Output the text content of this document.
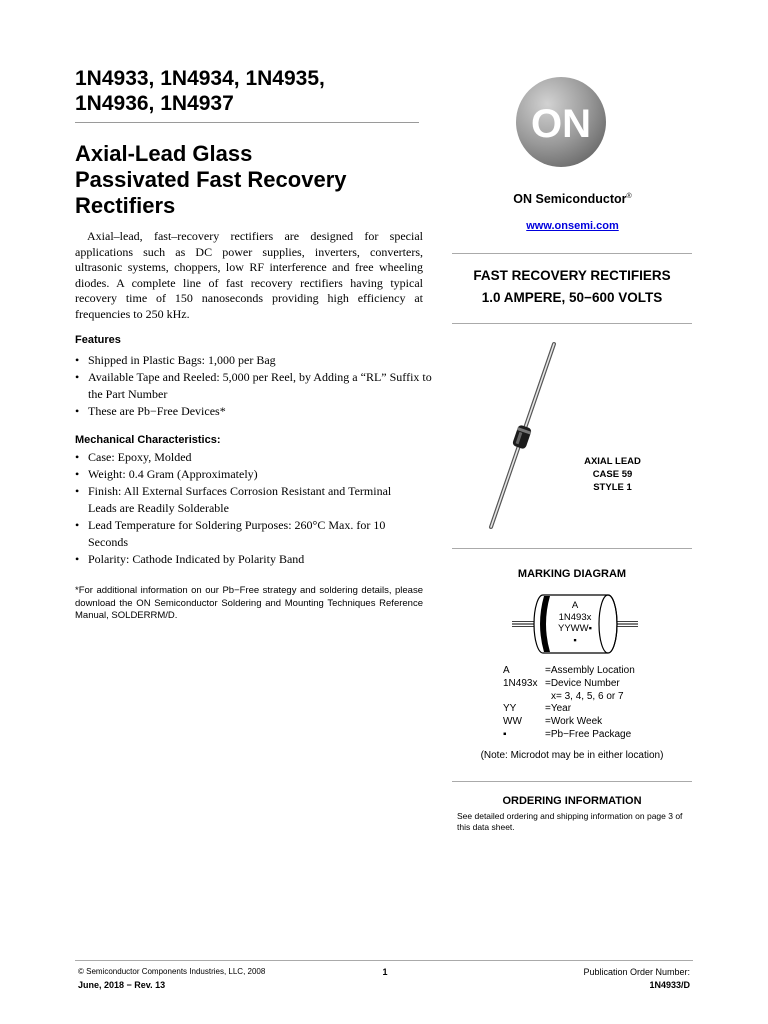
1N4933, 1N4934, 1N4935,
1N4936, 1N4937
Axial-Lead Glass
Passivated Fast Recovery
Rectifiers
Axial–lead, fast–recovery rectifiers are designed for special applications such as DC power supplies, inverters, converters, ultrasonic systems, choppers, low RF interference and free wheeling diodes. A complete line of fast recovery rectifiers having typical recovery time of 150 nanoseconds providing high efficiency at frequencies to 250 kHz.
Features
• Shipped in Plastic Bags: 1,000 per Bag
• Available Tape and Reeled: 5,000 per Reel, by Adding a “RL” Suffix to the Part Number
• These are Pb−Free Devices*
Mechanical Characteristics:
• Case: Epoxy, Molded
• Weight: 0.4 Gram (Approximately)
• Finish: All External Surfaces Corrosion Resistant and Terminal Leads are Readily Solderable
• Lead Temperature for Soldering Purposes: 260°C Max. for 10 Seconds
• Polarity: Cathode Indicated by Polarity Band
*For additional information on our Pb−Free strategy and soldering details, please download the ON Semiconductor Soldering and Mounting Techniques Reference Manual, SOLDERRM/D.
ON
ON Semiconductor®
www.onsemi.com
FAST RECOVERY RECTIFIERS
1.0 AMPERE, 50−600 VOLTS
AXIAL LEAD
CASE 59
STYLE 1
MARKING DIAGRAM
A
1N493x
YYWW▪
▪
A	=Assembly Location
1N493x =Device Number
x= 3, 4, 5, 6 or 7
YY	=Year
WW	=Work Week
▪	=Pb−Free Package
(Note: Microdot may be in either location)
ORDERING INFORMATION
See detailed ordering and shipping information on page 3 of this data sheet.
© Semiconductor Components Industries, LLC, 2008
June, 2018 − Rev. 13
1	Publication Order Number:
1N4933/D
